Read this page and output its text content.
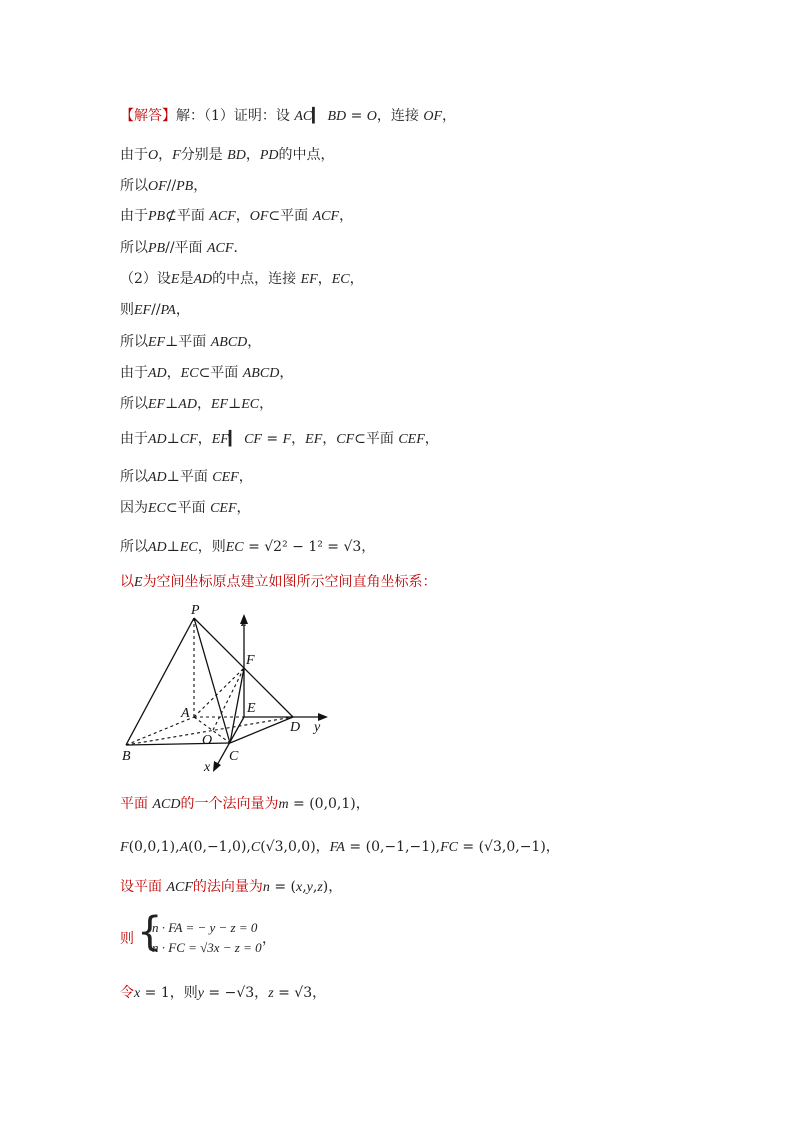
【解答】解：（1）证明：设 AC▎ BD = O，连接 OF，
由于O，F分别是 BD，PD的中点，
所以OF//PB，
由于PB⊄平面 ACF，OF⊂平面 ACF，
所以PB//平面 ACF．
（2）设E是AD的中点，连接 EF，EC，
则EF//PA，
所以EF⊥平面 ABCD，
由于AD，EC⊂平面 ABCD，
所以EF⊥AD，EF⊥EC，
由于AD⊥CF，EF▎ CF = F，EF，CF⊂平面 CEF，
所以AD⊥平面 CEF，
因为EC⊂平面 CEF，
所以AD⊥EC，则EC = √2² − 1² = √3，
以E为空间坐标原点建立如图所示空间直角坐标系：
平面 ACD的一个法向量为m = (0,0,1)，
F(0,0,1),A(0,−1,0),C(√3,0,0)，FA = (0,−1,−1),FC = (√3,0,−1)，
设平面 ACF的法向量为n = (x,y,z)，
令x = 1，则y = −√3，z = √3，
则 {
n · FA = − y − z = 0
n · FC = √3x − z = 0
，
P
z
F
A	E
D y
B
O
C
x
